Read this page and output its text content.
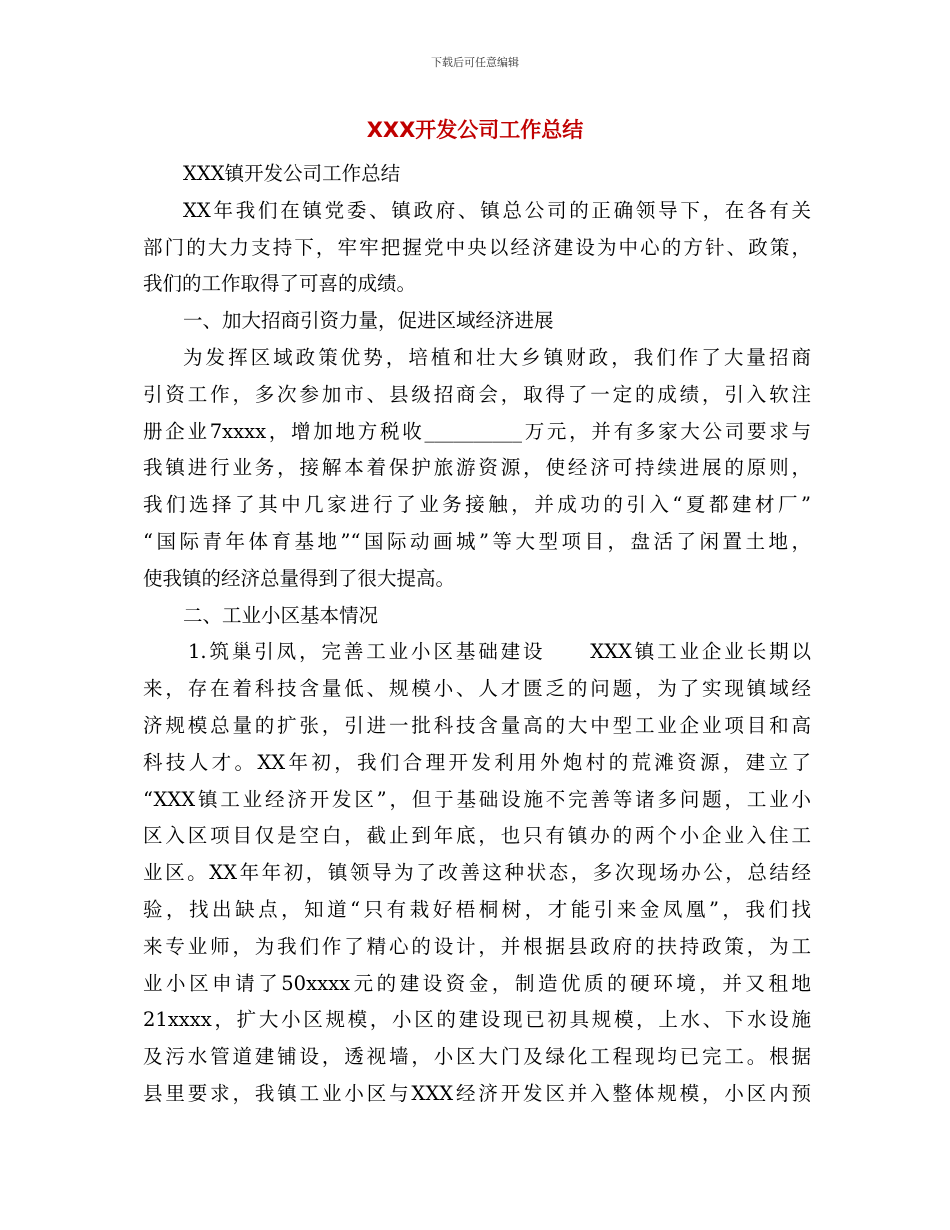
下载后可任意编辑
XXX开发公司工作总结
XXX镇开发公司工作总结
XX年我们在镇党委、镇政府、镇总公司的正确领导下，在各有关
部门的大力支持下，牢牢把握党中央以经济建设为中心的方针、政策，
我们的工作取得了可喜的成绩。
一、加大招商引资力量，促进区域经济进展
为发挥区域政策优势，培植和壮大乡镇财政，我们作了大量招商
引资工作，多次参加市、县级招商会，取得了一定的成绩，引入软注
册企业7xxxx，增加地方税收__________万元，并有多家大公司要求与
我镇进行业务，接解本着保护旅游资源，使经济可持续进展的原则，
我们选择了其中几家进行了业务接触，并成功的引入“夏都建材厂”
“国际青年体育基地”“国际动画城”等大型项目，盘活了闲置土地，
使我镇的经济总量得到了很大提高。
二、工业小区基本情况
1.筑巢引凤，完善工业小区基础建设　　XXX镇工业企业长期以
来，存在着科技含量低、规模小、人才匮乏的问题，为了实现镇域经
济规模总量的扩张，引进一批科技含量高的大中型工业企业项目和高
科技人才。XX年初，我们合理开发利用外炮村的荒滩资源，建立了
“XXX镇工业经济开发区”，但于基础设施不完善等诸多问题，工业小
区入区项目仅是空白，截止到年底，也只有镇办的两个小企业入住工
业区。XX年年初，镇领导为了改善这种状态，多次现场办公，总结经
验，找出缺点，知道“只有栽好梧桐树，才能引来金凤凰”，我们找
来专业师，为我们作了精心的设计，并根据县政府的扶持政策，为工
业小区申请了50xxxx元的建设资金，制造优质的硬环境，并又租地
21xxxx，扩大小区规模，小区的建设现已初具规模，上水、下水设施
及污水管道建铺设，透视墙，小区大门及绿化工程现均已完工。根据
县里要求，我镇工业小区与XXX经济开发区并入整体规模，小区内预
